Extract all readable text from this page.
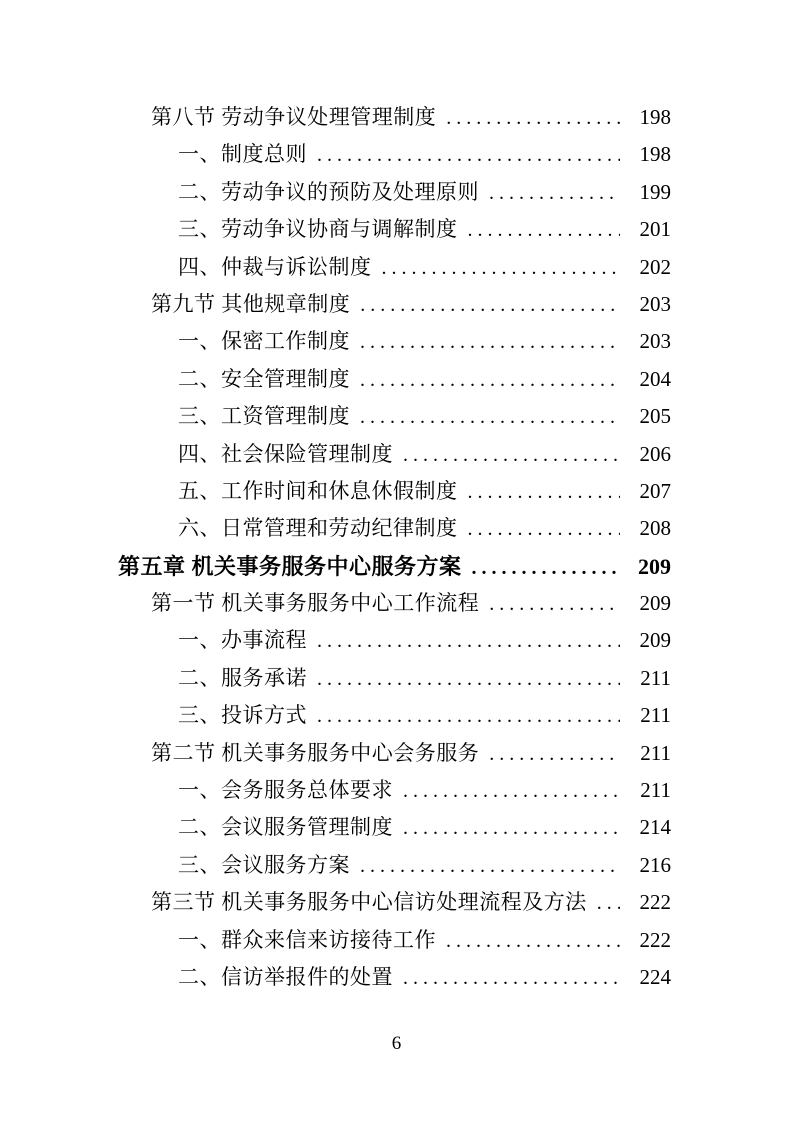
第八节 劳动争议处理管理制度 . . .	198
一、制度总则 . . .	198
二、劳动争议的预防及处理原则 . . .	199
三、劳动争议协商与调解制度 . . .	201
四、仲裁与诉讼制度 . . .	202
第九节 其他规章制度 . . .	203
一、保密工作制度 . . .	203
二、安全管理制度 . . .	204
三、工资管理制度 . . .	205
四、社会保险管理制度 . . .	206
五、工作时间和休息休假制度 . . .	207
六、日常管理和劳动纪律制度 . . .	208
第五章 机关事务服务中心服务方案 . . .	209
第一节 机关事务服务中心工作流程 . . .	209
一、办事流程 . . .	209
二、服务承诺 . . .	211
三、投诉方式 . . .	211
第二节 机关事务服务中心会务服务 . . .	211
一、会务服务总体要求 . . .	211
二、会议服务管理制度 . . .	214
三、会议服务方案 . . .	216
第三节 机关事务服务中心信访处理流程及方法 . . .	222
一、群众来信来访接待工作 . . .	222
二、信访举报件的处置 . . .	224
6
